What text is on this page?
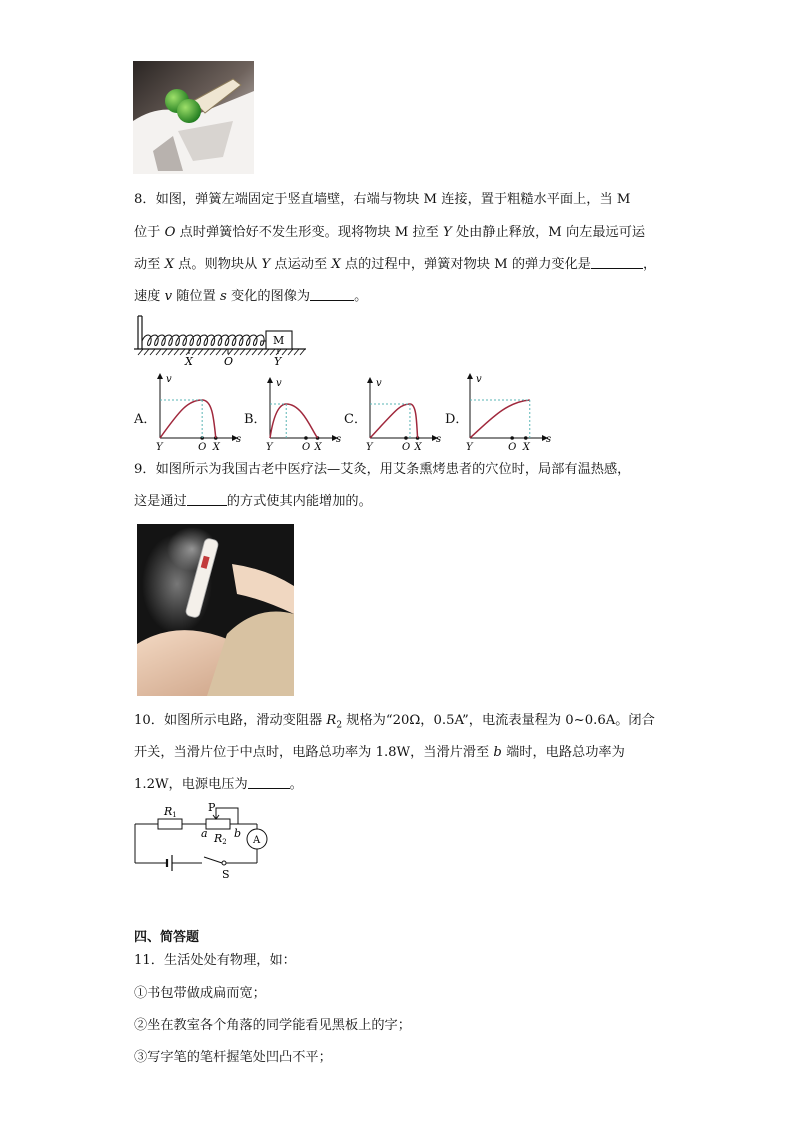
8．如图，弹簧左端固定于竖直墙壁，右端与物块 M 连接，置于粗糙水平面上，当 M
位于 O 点时弹簧恰好不发生形变。现将物块 M 拉至 Y 处由静止释放，M 向左最远可运
动至 X 点。则物块从 Y 点运动至 X 点的过程中，弹簧对物块 M 的弹力变化是	，
速度 v 随位置 s 变化的图像为	。
M
X	O	Y
A．	B．	C．	D．
v
s
Y	O X
v
s
Y	O X
v
s
Y	O X
v
s
Y	O X
9．如图所示为我国古老中医疗法—艾灸，用艾条熏烤患者的穴位时，局部有温热感，
这是通过	的方式使其内能增加的。
10．如图所示电路，滑动变阻器 $R_2$ 规格为“20Ω，0.5A”，电流表量程为 0~0.6A。闭合
开关，当滑片位于中点时，电路总功率为 1.8W，当滑片滑至 b 端时，电路总功率为
1.2W，电源电压为	。
R1
P
a R2
b
A
S
四、简答题
11．生活处处有物理，如：
①书包带做成扁而宽；
②坐在教室各个角落的同学能看见黑板上的字；
③写字笔的笔杆握笔处凹凸不平；
